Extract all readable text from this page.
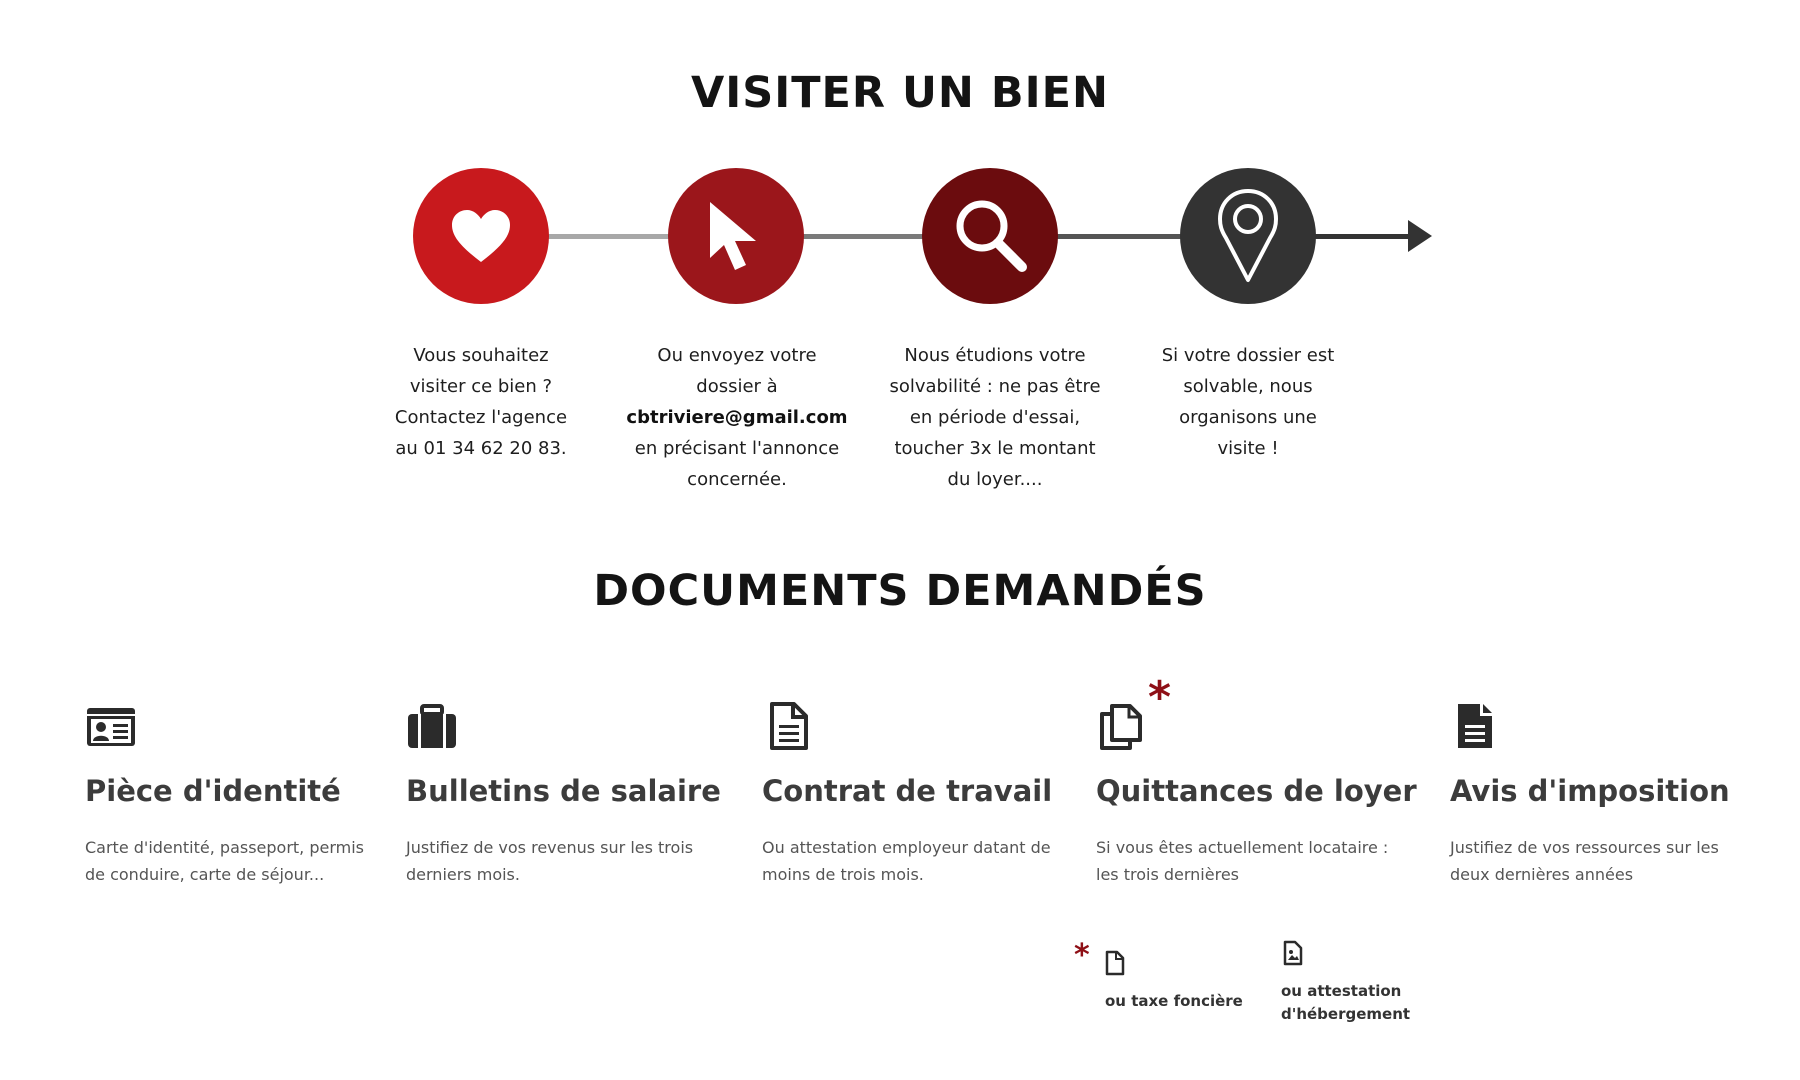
VISITER UN BIEN
Vous souhaitez
visiter ce bien ?
Contactez l'agence
au 01 34 62 20 83.
Ou envoyez votre
dossier à
cbtriviere@gmail.com
en précisant l'annonce
concernée.
Nous étudions votre
solvabilité : ne pas être
en période d'essai,
toucher 3x le montant
du loyer....
Si votre dossier est
solvable, nous
organisons une
visite !
DOCUMENTS DEMANDÉS
Pièce d'identité
Carte d'identité, passeport, permis
de conduire, carte de séjour...
Bulletins de salaire
Justifiez de vos revenus sur les trois
derniers mois.
Contrat de travail
Ou attestation employeur datant de
moins de trois mois.
Quittances de loyer
Si vous êtes actuellement locataire :
les trois dernières
*
Avis d'imposition
Justifiez de vos ressources sur les
deux dernières années
*
ou taxe foncière
ou attestation
d'hébergement
